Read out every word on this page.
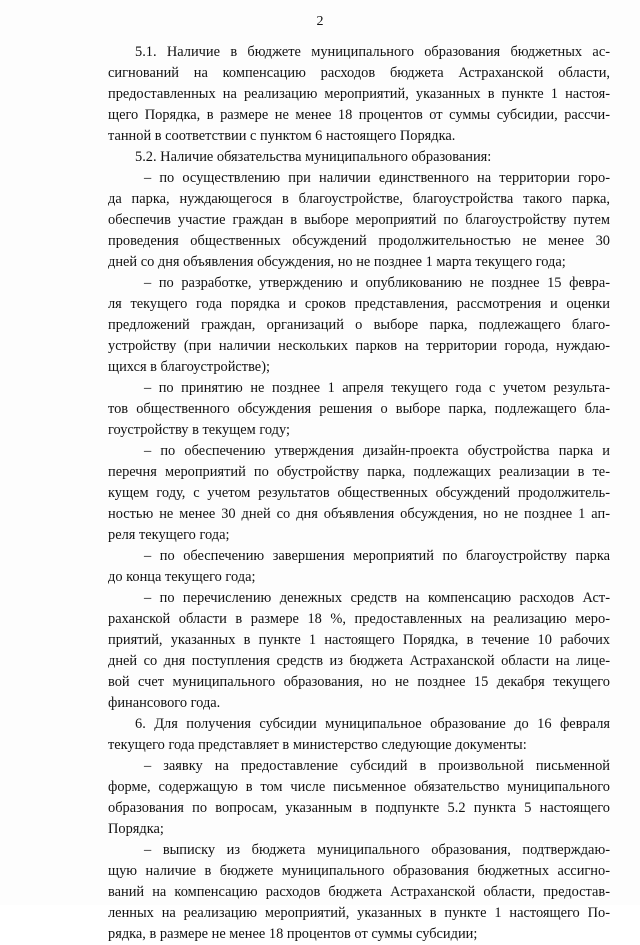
2
5.1. Наличие в бюджете муниципального образования бюджетных ас-
сигнований на компенсацию расходов бюджета Астраханской области,
предоставленных на реализацию мероприятий, указанных в пункте 1 настоя-
щего Порядка, в размере не менее 18 процентов от суммы субсидии, рассчи-
танной в соответствии с пунктом 6 настоящего Порядка.
5.2. Наличие обязательства муниципального образования:
– по осуществлению при наличии единственного на территории горо-
да парка, нуждающегося в благоустройстве, благоустройства такого парка,
обеспечив участие граждан в выборе мероприятий по благоустройству путем
проведения общественных обсуждений продолжительностью не менее 30
дней со дня объявления обсуждения, но не позднее 1 марта текущего года;
– по разработке, утверждению и опубликованию не позднее 15 февра-
ля текущего года порядка и сроков представления, рассмотрения и оценки
предложений граждан, организаций о выборе парка, подлежащего благо-
устройству (при наличии нескольких парков на территории города, нуждаю-
щихся в благоустройстве);
– по принятию не позднее 1 апреля текущего года с учетом результа-
тов общественного обсуждения решения о выборе парка, подлежащего бла-
гоустройству в текущем году;
– по обеспечению утверждения дизайн-проекта обустройства парка и
перечня мероприятий по обустройству парка, подлежащих реализации в те-
кущем году, с учетом результатов общественных обсуждений продолжитель-
ностью не менее 30 дней со дня объявления обсуждения, но не позднее 1 ап-
реля текущего года;
– по обеспечению завершения мероприятий по благоустройству парка
до конца текущего года;
– по перечислению денежных средств на компенсацию расходов Аст-
раханской области в размере 18 %, предоставленных на реализацию меро-
приятий, указанных в пункте 1 настоящего Порядка, в течение 10 рабочих
дней со дня поступления средств из бюджета Астраханской области на лице-
вой счет муниципального образования, но не позднее 15 декабря текущего
финансового года.
6. Для получения субсидии муниципальное образование до 16 февраля
текущего года представляет в министерство следующие документы:
– заявку на предоставление субсидий в произвольной письменной
форме, содержащую в том числе письменное обязательство муниципального
образования по вопросам, указанным в подпункте 5.2 пункта 5 настоящего
Порядка;
– выписку из бюджета муниципального образования, подтверждаю-
щую наличие в бюджете муниципального образования бюджетных ассигно-
ваний на компенсацию расходов бюджета Астраханской области, предостав-
ленных на реализацию мероприятий, указанных в пункте 1 настоящего По-
рядка, в размере не менее 18 процентов от суммы субсидии;
